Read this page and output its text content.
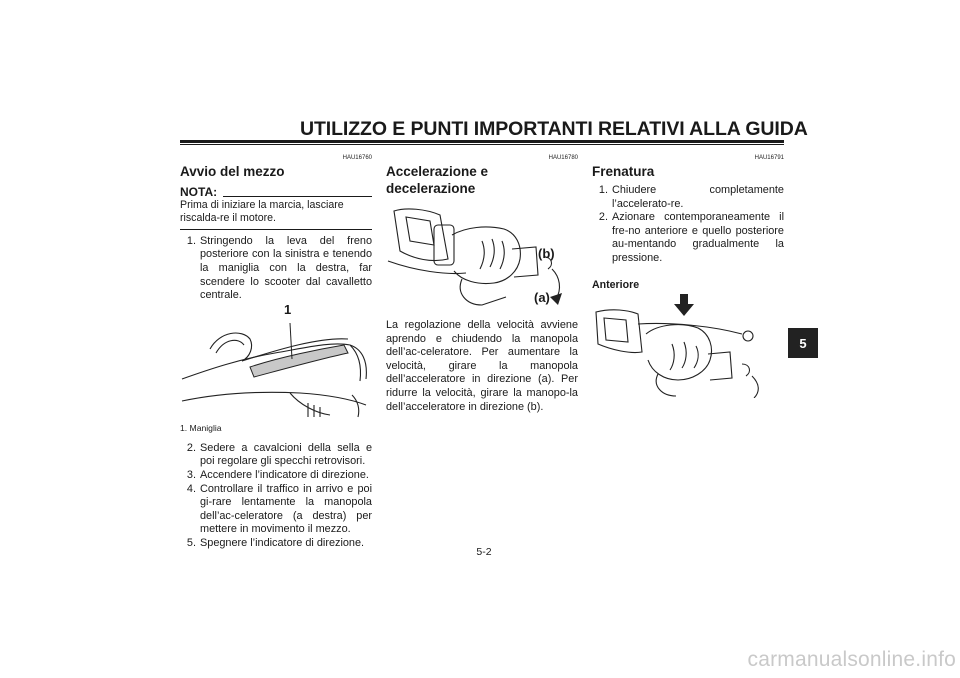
UTILIZZO E PUNTI IMPORTANTI RELATIVI ALLA GUIDA
HAU16760
Avvio del mezzo
NOTA:
Prima di iniziare la marcia, lasciare riscalda-re il motore.
1. Stringendo la leva del freno posteriore con la sinistra e tenendo la maniglia con la destra, far scendere lo scooter dal cavalletto centrale.
1
1. Maniglia
2. Sedere a cavalcioni della sella e poi regolare gli specchi retrovisori.
3. Accendere l’indicatore di direzione.
4. Controllare il traffico in arrivo e poi gi-rare lentamente la manopola dell’ac-celeratore (a destra) per mettere in movimento il mezzo.
5. Spegnere l’indicatore di direzione.
HAU16780
Accelerazione e decelerazione
(b)
(a)
La regolazione della velocità avviene aprendo e chiudendo la manopola dell’ac-celeratore. Per aumentare la velocità, girare la manopola dell’acceleratore in direzione (a). Per ridurre la velocità, girare la manopo-la dell’acceleratore in direzione (b).
HAU16791
Frenatura
1. Chiudere completamente l’accelerato-re.
2. Azionare contemporaneamente il fre-no anteriore e quello posteriore au-mentando gradualmente la pressione.
Anteriore
5-2
5
carmanualsonline.info
